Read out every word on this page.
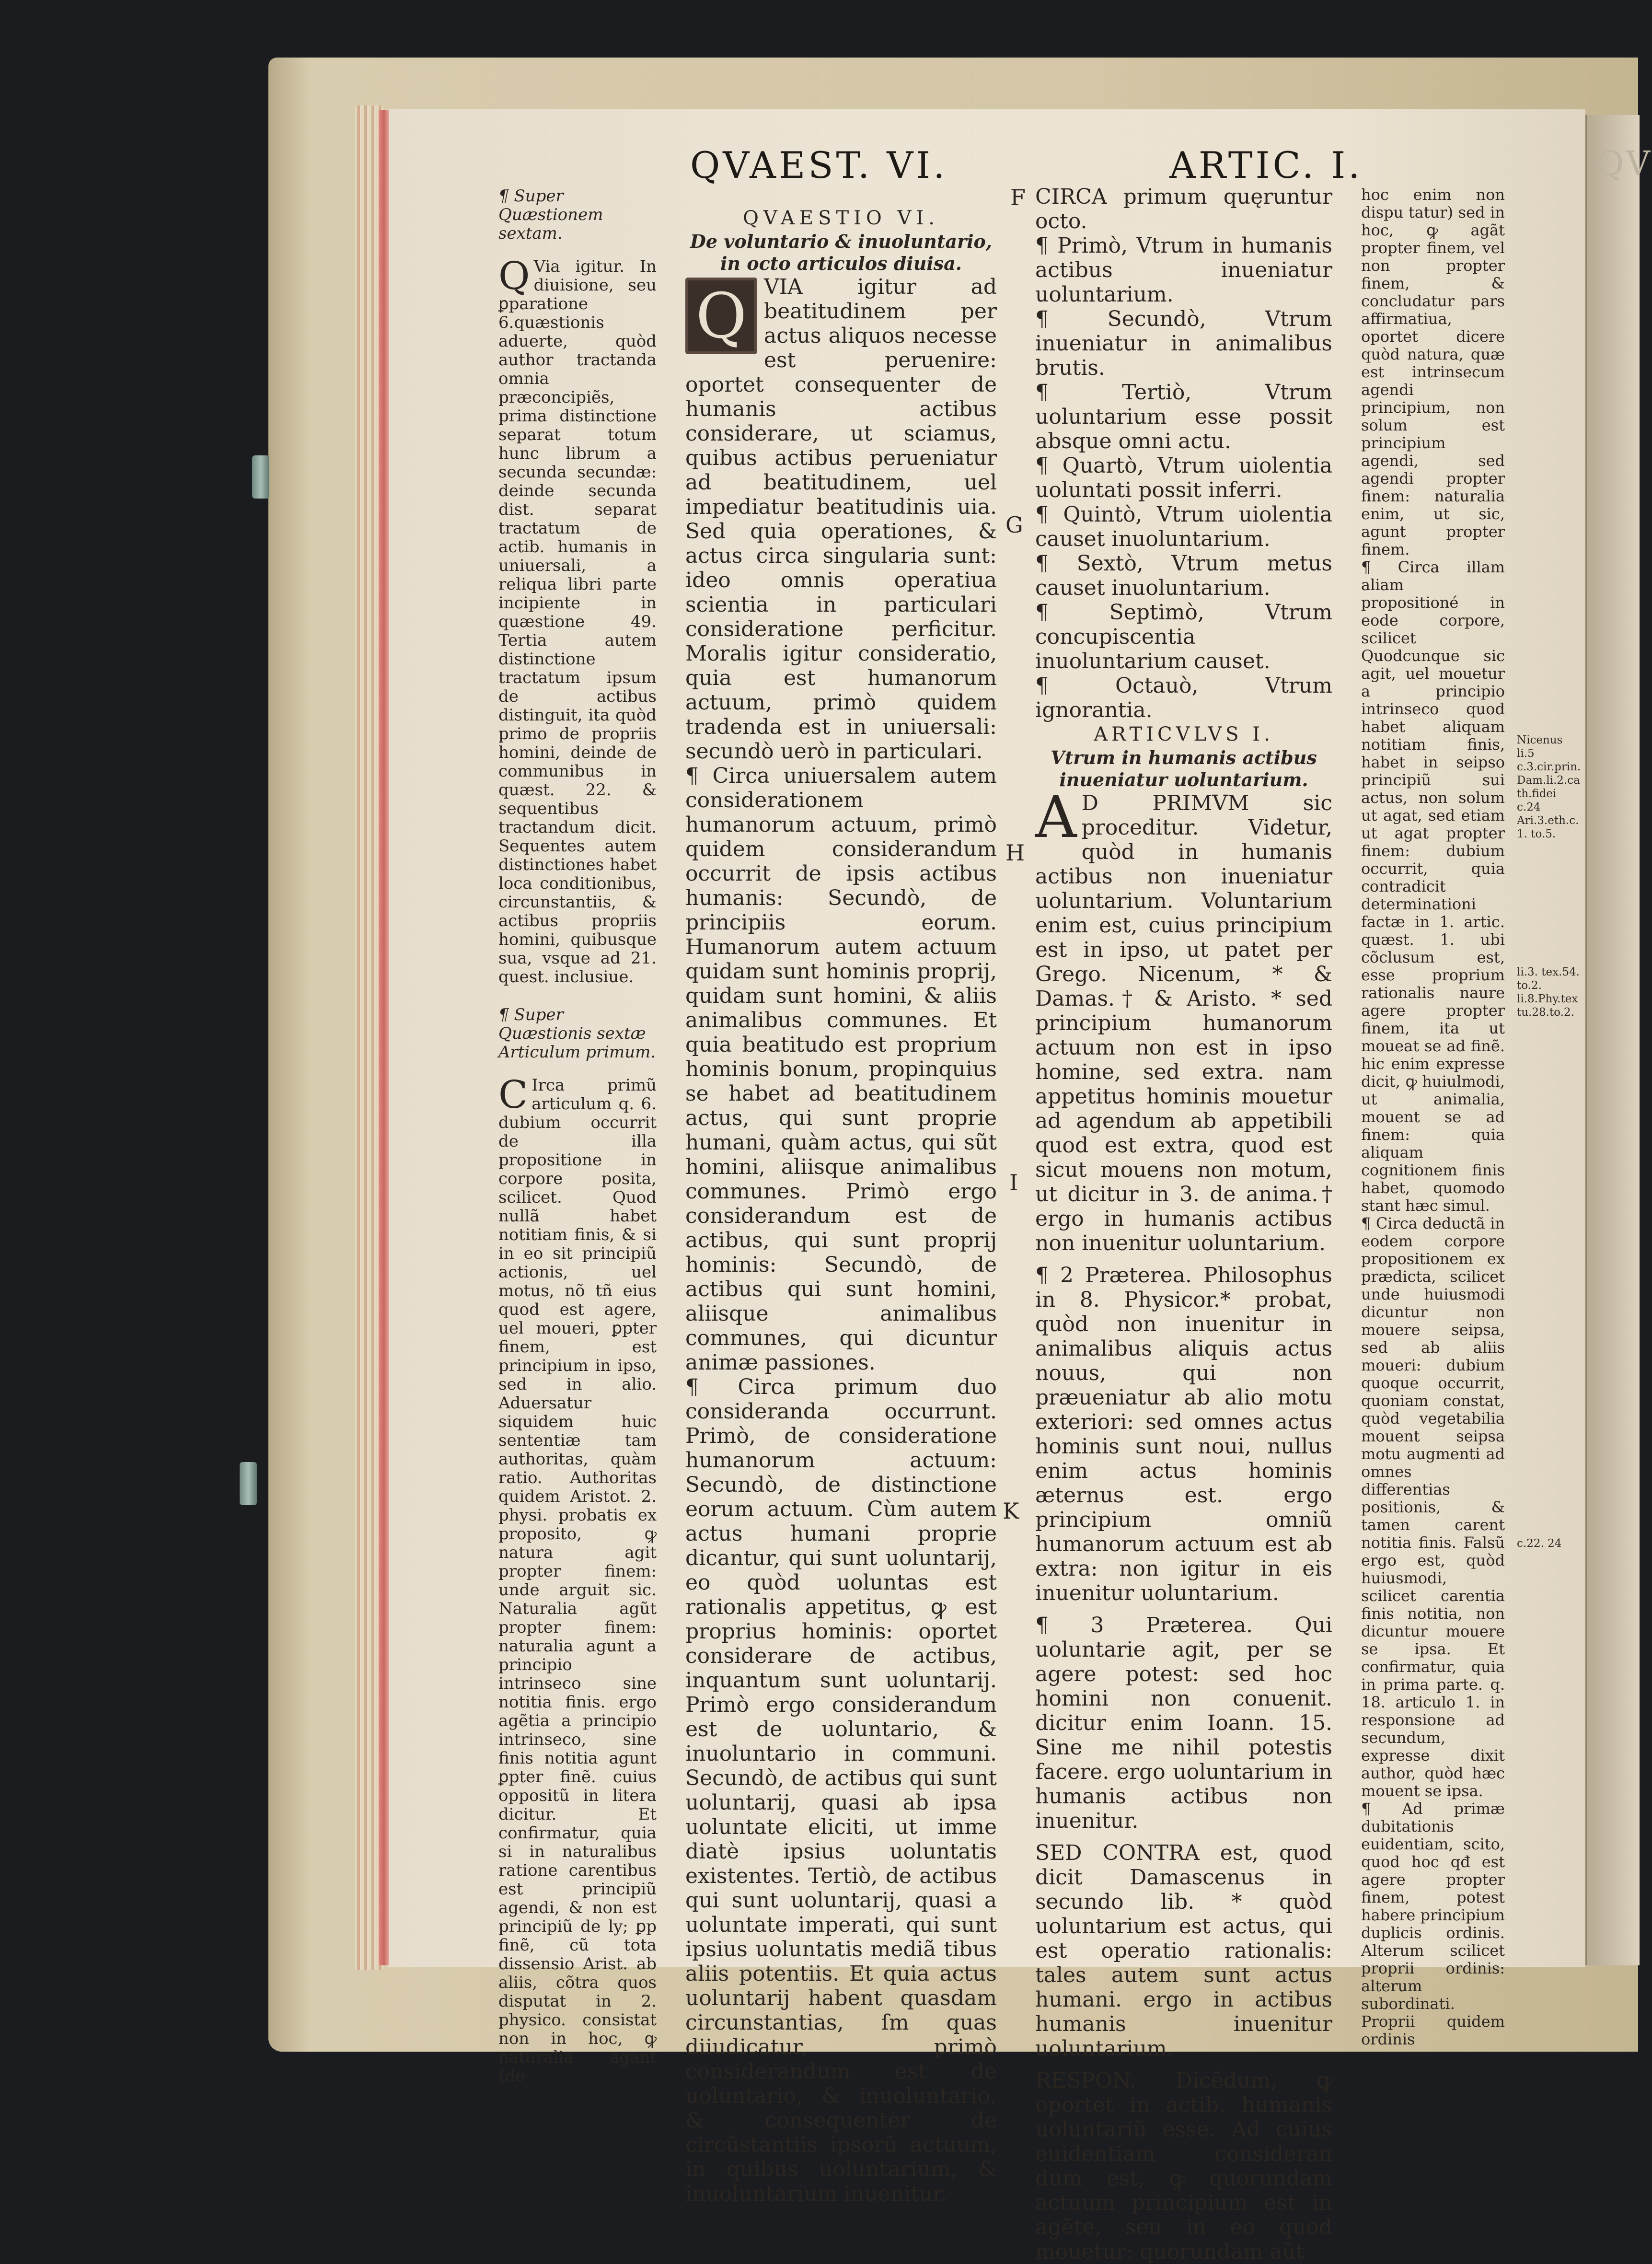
QV
QVAEST. VI.	ARTIC. I.
F
G
H
I
K

¶ Super Quæstionem sextam.

Q Via igitur. In diuisione, seu ꝑparatione 6.quæstionis aduerte, quòd author tractanda omnia præconcipiẽs, prima distinctione separat totum hunc librum a secunda secundæ: deinde secunda dist. separat tractatum de actib. humanis in uniuersali, a reliqua libri parte incipiente in quæstione 49. Tertia autem distinctione tractatum ipsum de actibus distinguit, ita quòd primo de propriis homini, deinde de communibus in quæst. 22. & sequentibus tractandum dicit. Sequentes autem distinctiones habet loca conditionibus, circunstantiis, & actibus propriis homini, quibusque sua, vsque ad 21. quest. inclusiue.

¶ Super Quæstionis sextæ Articulum primum.

C Irca primũ articulum q. 6. dubium occurrit de illa propositione in corpore posita, scilicet. Quod nullã habet notitiam finis, & si in eo sit principiũ actionis, uel motus, nõ tñ eius quod est agere, uel moueri, ꝑpter finem, est principium in ipso, sed in alio. Aduersatur siquidem huic sententiæ tam authoritas, quàm ratio. Authoritas quidem Aristot. 2. physi. probatis ex proposito, ꝙ natura agit propter finem: unde arguit sic. Naturalia agũt propter finem: naturalia agunt a principio intrinseco sine notitia finis. ergo agẽtia a principio intrinseco, sine finis notitia agunt ꝑpter finẽ. cuius oppositũ in litera dicitur. Et confirmatur, quia si in naturalibus ratione carentibus est principiũ agendi, & non est principiũ de ly; ꝑp finẽ, cũ tota dissensio Arist. ab aliis, cõtra quos disputat in 2. physico. consistat non in hoc, ꝙ naturalia agant (de

QVAESTIO VI.

De voluntario & inuoluntario, in octo articulos diuisa.

Q VIA igitur ad beatitudinem per actus aliquos necesse est peruenire: oportet consequenter de humanis actibus considerare, ut sciamus, quibus actibus perueniatur ad beatitudinem, uel impediatur beatitudinis uia. Sed quia operationes, & actus circa singularia sunt: ideo omnis operatiua scientia in particulari consideratione perficitur. Moralis igitur consideratio, quia est humanorum actuum, primò quidem tradenda est in uniuersali: secundò uerò in particulari.

¶ Circa uniuersalem autem considerationem humanorum actuum, primò quidem considerandum occurrit de ipsis actibus humanis: Secundò, de principiis eorum. Humanorum autem actuum quidam sunt hominis proprij, quidam sunt homini, & aliis animalibus communes. Et quia beatitudo est proprium hominis bonum, propinquius se habet ad beatitudinem actus, qui sunt proprie humani, quàm actus, qui sũt homini, aliisque animalibus communes. Primò ergo considerandum est de actibus, qui sunt proprij hominis: Secundò, de actibus qui sunt homini, aliisque animalibus communes, qui dicuntur animæ passiones.

¶ Circa primum duo consideranda occurrunt. Primò, de consideratione humanorum actuum: Secundò, de distinctione eorum actuum. Cùm autem actus humani proprie dicantur, qui sunt uoluntarij, eo quòd uoluntas est rationalis appetitus, ꝙ est proprius hominis: oportet considerare de actibus, inquantum sunt uoluntarij. Primò ergo considerandum est de uoluntario, & inuoluntario in communi. Secundò, de actibus qui sunt uoluntarij, quasi ab ipsa uoluntate eliciti, ut imme diatè ipsius uoluntatis existentes. Tertiò, de actibus qui sunt uoluntarij, quasi a uoluntate imperati, qui sunt ipsius uoluntatis mediã tibus aliis potentiis. Et quia actus uoluntarij habent quasdam circunstantias, ſm quas diiudicatur, primò considerandum est de uoluntario, & inuoluntario, & consequenter de circũstantiis ipsorũ actuum, in quibus uoluntarium, & inuoluntarium inuenitur.

CIRCA primum quęruntur octo.

¶ Primò, Vtrum in humanis actibus inueniatur uoluntarium.

¶ Secundò, Vtrum inueniatur in animalibus brutis.

¶ Tertiò, Vtrum uoluntarium esse possit absque omni actu.

¶ Quartò, Vtrum uiolentia uoluntati possit inferri.

¶ Quintò, Vtrum uiolentia causet inuoluntarium.

¶ Sextò, Vtrum metus causet inuoluntarium.

¶ Septimò, Vtrum concupiscentia inuoluntarium causet.

¶ Octauò, Vtrum ignorantia.

ARTICVLVS I.

Vtrum in humanis actibus inueniatur uoluntarium.

A D PRIMVM sic proceditur. Videtur, quòd in humanis actibus non inueniatur uoluntarium. Voluntarium enim est, cuius principium est in ipso, ut patet per Grego. Nicenum, * & Damas.† & Aristo. * sed principium humanorum actuum non est in ipso homine, sed extra. nam appetitus hominis mouetur ad agendum ab appetibili quod est extra, quod est sicut mouens non motum, ut dicitur in 3. de anima.† ergo in humanis actibus non inuenitur uoluntarium.

¶ 2 Præterea. Philosophus in 8. Physicor.* probat, quòd non inuenitur in animalibus aliquis actus nouus, qui non præueniatur ab alio motu exteriori: sed omnes actus hominis sunt noui, nullus enim actus hominis æternus est. ergo principium omniũ humanorum actuum est ab extra: non igitur in eis inuenitur uoluntarium.

¶ 3 Præterea. Qui uoluntarie agit, per se agere potest: sed hoc homini non conuenit. dicitur enim Ioann. 15. Sine me nihil potestis facere. ergo uoluntarium in humanis actibus non inuenitur.

SED CONTRA est, quod dicit Damascenus in secundo lib. * quòd uoluntarium est actus, qui est operatio rationalis: tales autem sunt actus humani. ergo in actibus humanis inuenitur uoluntarium.

RESPON. Dicẽdum, ꝙ oportet in actib. humanis uoluntariũ esse. Ad cuius euidentiam consideran dum est, ꝙ quorundam actuum principium est in agẽte, seu in eo quod mouetur: quorundam aũt

hoc enim non dispu tatur) sed in hoc, ꝙ agãt propter finem, vel non propter finem, & concludatur pars affirmatiua, oportet dicere quòd natura, quæ est intrinsecum agendi principium, non solum est principium agendi, sed agendi propter finem: naturalia enim, ut sic, agunt propter finem.

¶ Circa illam aliam propositioné in eode corpore, scilicet Quodcunque sic agit, uel mouetur a principio intrinseco quod habet aliquam notitiam finis, habet in seipso principiũ sui actus, non solum ut agat, sed etiam ut agat propter finem: dubium occurrit, quia contradicit determinationi factæ in 1. artic. quæst. 1. ubi cõclusum est, esse proprium rationalis naure agere propter finem, ita ut moueat se ad finẽ. hic enim expresse dicit, ꝙ huiulmodi, ut animalia, mouent se ad finem: quia aliquam cognitionem finis habet, quomodo stant hæc simul.

¶ Circa deductã in eodem corpore propositionem ex prædicta, scilicet unde huiusmodi dicuntur non mouere seipsa, sed ab aliis moueri: dubium quoque occurrit, quoniam constat, quòd vegetabilia mouent seipsa motu augmenti ad omnes differentias positionis, & tamen carent notitia finis. Falsũ ergo est, quòd huiusmodi, scilicet carentia finis notitia, non dicuntur mouere se ipsa. Et confirmatur, quia in prima parte. q. 18. articulo 1. in responsione ad secundum, expresse dixit author, quòd hæc mouent se ipsa.

¶ Ad primæ dubitationis euidentiam, scito, quod hoc qđ est agere propter finem, potest habere principium duplicis ordinis. Alterum scilicet proprii ordinis: alterum subordinati. Proprii quidem ordinis

Nicenus li.5 c.3.cir.prin. Dam.li.2.ca th.fidei c.24 Ari.3.eth.c. 1. to.5.

li.3. tex.54. to.2. li.8.Phy.tex tu.28.to.2.

c.22. 24
